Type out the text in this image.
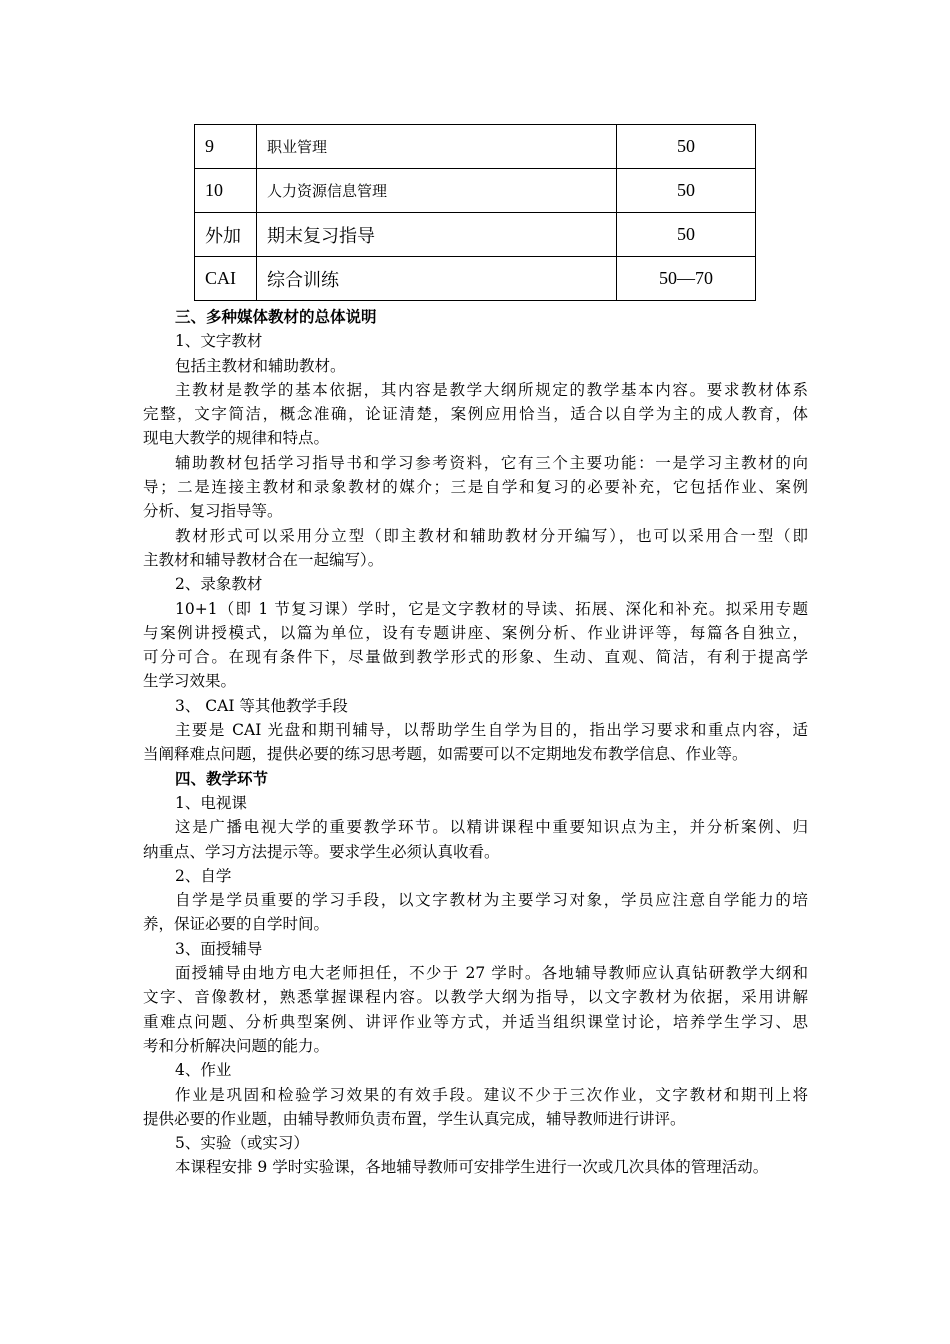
9	职业管理	50
10	人力资源信息管理	50
外加	期末复习指导	50
CAI	综合训练	50—70
三、多种媒体教材的总体说明
1、文字教材
包括主教材和辅助教材。
主教材是教学的基本依据，其内容是教学大纲所规定的教学基本内容。要求教材体系
完整，文字简洁，概念准确，论证清楚，案例应用恰当，适合以自学为主的成人教育，体
现电大教学的规律和特点。
辅助教材包括学习指导书和学习参考资料，它有三个主要功能：一是学习主教材的向
导；二是连接主教材和录象教材的媒介；三是自学和复习的必要补充，它包括作业、案例
分析、复习指导等。
教材形式可以采用分立型（即主教材和辅助教材分开编写），也可以采用合一型（即
主教材和辅导教材合在一起编写）。
2、录象教材
10+1（即 1 节复习课）学时，它是文字教材的导读、拓展、深化和补充。拟采用专题
与案例讲授模式，以篇为单位，设有专题讲座、案例分析、作业讲评等，每篇各自独立，
可分可合。在现有条件下，尽量做到教学形式的形象、生动、直观、简洁，有利于提高学
生学习效果。
3、 CAI 等其他教学手段
主要是 CAI 光盘和期刊辅导，以帮助学生自学为目的，指出学习要求和重点内容，适
当阐释难点问题，提供必要的练习思考题，如需要可以不定期地发布教学信息、作业等。
四、教学环节
1、电视课
这是广播电视大学的重要教学环节。以精讲课程中重要知识点为主，并分析案例、归
纳重点、学习方法提示等。要求学生必须认真收看。
2、自学
自学是学员重要的学习手段，以文字教材为主要学习对象，学员应注意自学能力的培
养，保证必要的自学时间。
3、面授辅导
面授辅导由地方电大老师担任，不少于 27 学时。各地辅导教师应认真钻研教学大纲和
文字、音像教材，熟悉掌握课程内容。以教学大纲为指导，以文字教材为依据，采用讲解
重难点问题、分析典型案例、讲评作业等方式，并适当组织课堂讨论，培养学生学习、思
考和分析解决问题的能力。
4、作业
作业是巩固和检验学习效果的有效手段。建议不少于三次作业，文字教材和期刊上将
提供必要的作业题，由辅导教师负责布置，学生认真完成，辅导教师进行讲评。
5、实验（或实习）
本课程安排 9 学时实验课，各地辅导教师可安排学生进行一次或几次具体的管理活动。
